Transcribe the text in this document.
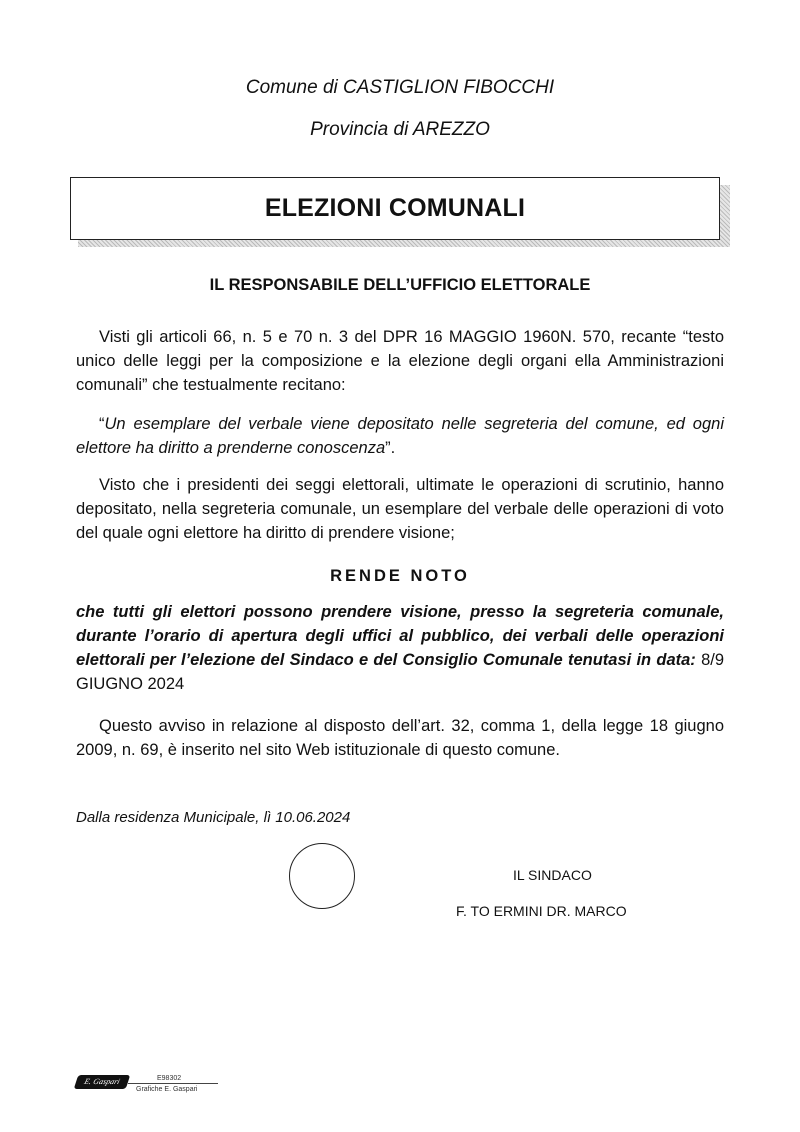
Comune di CASTIGLION FIBOCCHI
Provincia di AREZZO
ELEZIONI COMUNALI
IL RESPONSABILE DELL’UFFICIO ELETTORALE

Visti gli articoli 66, n. 5 e 70 n. 3 del DPR 16 MAGGIO 1960N. 570, recante “testo unico delle leggi per la composizione e la elezione degli organi ella Amministrazioni comunali” che testualmente recitano:

“Un esemplare del verbale viene depositato nelle segreteria del comune, ed ogni elettore ha diritto a prenderne conoscenza”.

Visto che i presidenti dei seggi elettorali, ultimate le operazioni di scrutinio, hanno depositato, nella segreteria comunale, un esemplare del verbale delle operazioni di voto del quale ogni elettore ha diritto di prendere visione;

RENDE NOTO

che tutti gli elettori possono prendere visione, presso la segreteria comunale, durante l’orario di apertura degli uffici al pubblico, dei verbali delle operazioni elettorali per l’elezione del Sindaco e del Consiglio Comunale tenutasi in data: 8/9 GIUGNO 2024

Questo avviso in relazione al disposto dell’art. 32, comma 1, della legge 18 giugno 2009, n. 69, è inserito nel sito Web istituzionale di questo comune.

Dalla residenza Municipale, lì 10.06.2024
IL SINDACO
F. TO ERMINI DR. MARCO
E. Gaspari	E98302
Grafiche E. Gaspari
